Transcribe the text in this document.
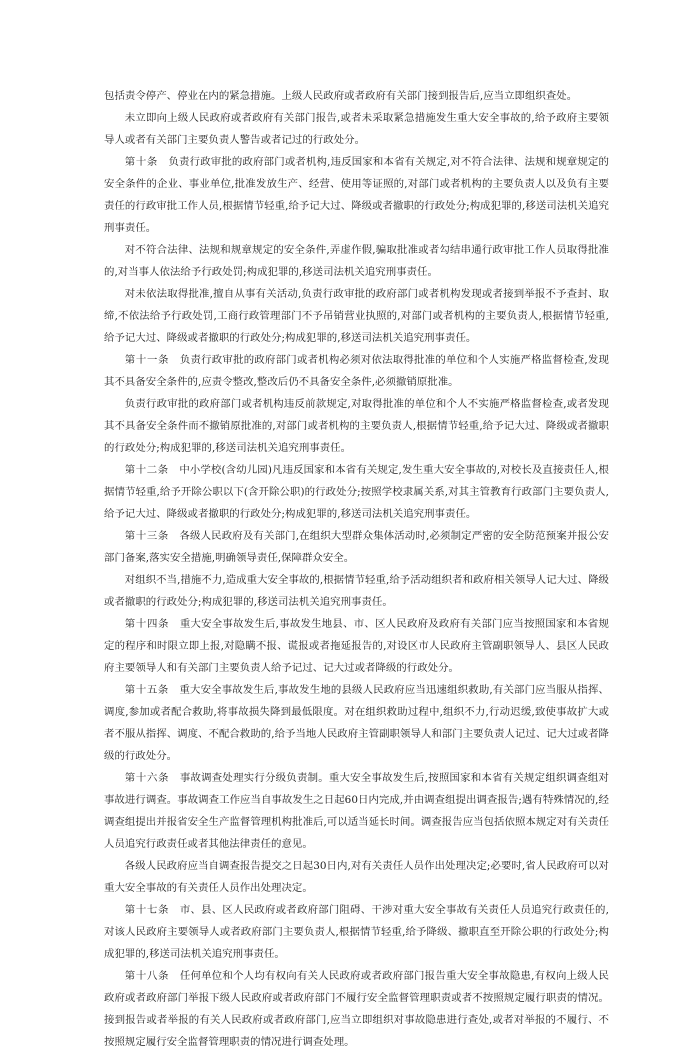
包括责令停产、停业在内的紧急措施。上级人民政府或者政府有关部门接到报告后,应当立即组织查处。

未立即向上级人民政府或者政府有关部门报告,或者未采取紧急措施发生重大安全事故的,给予政府主要领导人或者有关部门主要负责人警告或者记过的行政处分。

第十条　 负责行政审批的政府部门或者机构,违反国家和本省有关规定,对不符合法律、法规和规章规定的安全条件的企业、事业单位,批准发放生产、经营、使用等证照的,对部门或者机构的主要负责人以及负有主要责任的行政审批工作人员,根据情节轻重,给予记大过、降级或者撤职的行政处分;构成犯罪的,移送司法机关追究刑事责任。

对不符合法律、法规和规章规定的安全条件,弄虚作假,骗取批准或者勾结串通行政审批工作人员取得批准的,对当事人依法给予行政处罚;构成犯罪的,移送司法机关追究刑事责任。

对未依法取得批准,擅自从事有关活动,负责行政审批的政府部门或者机构发现或者接到举报不予查封、取缔,不依法给予行政处罚,工商行政管理部门不予吊销营业执照的,对部门或者机构的主要负责人,根据情节轻重,给予记大过、降级或者撤职的行政处分;构成犯罪的,移送司法机关追究刑事责任。

第十一条　 负责行政审批的政府部门或者机构必须对依法取得批准的单位和个人实施严格监督检查,发现其不具备安全条件的,应责令整改,整改后仍不具备安全条件,必须撤销原批准。

负责行政审批的政府部门或者机构违反前款规定,对取得批准的单位和个人不实施严格监督检查,或者发现其不具备安全条件而不撤销原批准的,对部门或者机构的主要负责人,根据情节轻重,给予记大过、降级或者撤职的行政处分;构成犯罪的,移送司法机关追究刑事责任。

第十二条　 中小学校(含幼儿园)凡违反国家和本省有关规定,发生重大安全事故的,对校长及直接责任人,根据情节轻重,给予开除公职以下(含开除公职)的行政处分;按照学校隶属关系,对其主管教育行政部门主要负责人,给予记大过、降级或者撤职的行政处分;构成犯罪的,移送司法机关追究刑事责任。

第十三条　 各级人民政府及有关部门,在组织大型群众集体活动时,必须制定严密的安全防范预案并报公安部门备案,落实安全措施,明确领导责任,保障群众安全。

对组织不当,措施不力,造成重大安全事故的,根据情节轻重,给予活动组织者和政府相关领导人记大过、降级或者撤职的行政处分;构成犯罪的,移送司法机关追究刑事责任。

第十四条　 重大安全事故发生后,事故发生地县、市、区人民政府及政府有关部门应当按照国家和本省规定的程序和时限立即上报,对隐瞒不报、谎报或者拖延报告的,对设区市人民政府主管副职领导人、县区人民政府主要领导人和有关部门主要负责人给予记过、记大过或者降级的行政处分。

第十五条　 重大安全事故发生后,事故发生地的县级人民政府应当迅速组织救助,有关部门应当服从指挥、调度,参加或者配合救助,将事故损失降到最低限度。对在组织救助过程中,组织不力,行动迟缓,致使事故扩大或者不服从指挥、调度、不配合救助的,给予当地人民政府主管副职领导人和部门主要负责人记过、记大过或者降级的行政处分。

第十六条　 事故调查处理实行分级负责制。重大安全事故发生后,按照国家和本省有关规定组织调查组对事故进行调查。事故调查工作应当自事故发生之日起60日内完成,并由调查组提出调查报告;遇有特殊情况的,经调查组提出并报省安全生产监督管理机构批准后,可以适当延长时间。调查报告应当包括依照本规定对有关责任人员追究行政责任或者其他法律责任的意见。

各级人民政府应当自调查报告提交之日起30日内,对有关责任人员作出处理决定;必要时,省人民政府可以对重大安全事故的有关责任人员作出处理决定。

第十七条　 市、县、区人民政府或者政府部门阻碍、干涉对重大安全事故有关责任人员追究行政责任的,对该人民政府主要领导人或者政府部门主要负责人,根据情节轻重,给予降级、撤职直至开除公职的行政处分;构成犯罪的,移送司法机关追究刑事责任。

第十八条　 任何单位和个人均有权向有关人民政府或者政府部门报告重大安全事故隐患,有权向上级人民政府或者政府部门举报下级人民政府或者政府部门不履行安全监督管理职责或者不按照规定履行职责的情况。接到报告或者举报的有关人民政府或者政府部门,应当立即组织对事故隐患进行查处,或者对举报的不履行、不按照规定履行安全监督管理职责的情况进行调查处理。
